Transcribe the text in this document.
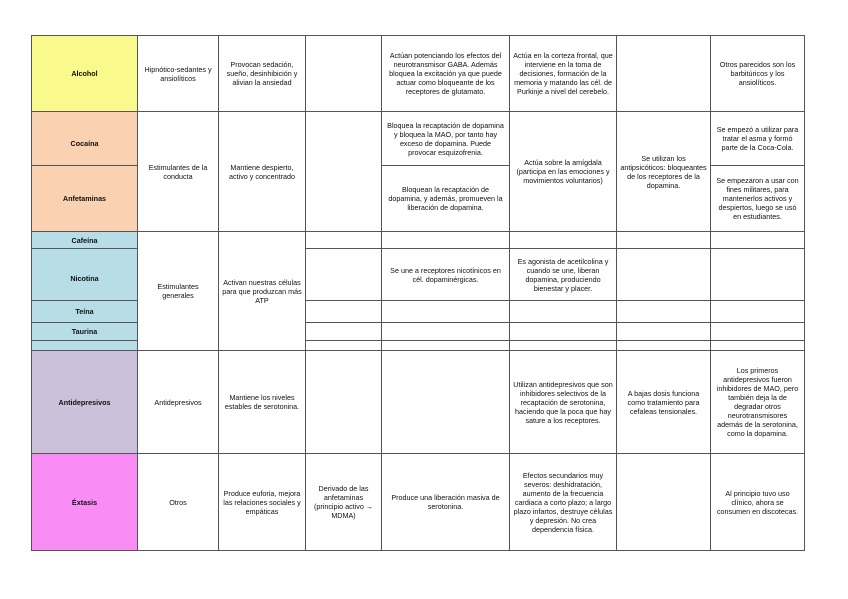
Alcohol	Hipnótico-sedantes y ansiolíticos	Provocan sedación, sueño, desinhibición y alivian la ansiedad		Actúan potenciando los efectos del neurotransmisor GABA. Además bloquea la excitación ya que puede actuar como bloqueante de los receptores de glutamato.	Actúa en la corteza frontal, que interviene en la toma de decisiones, formación de la memoria y matando las cél. de Purkinje a nivel del cerebelo.		Otros parecidos son los barbitúricos y los ansiolíticos.
Cocaína	Estimulantes de la conducta	Mantiene despierto, activo y concentrado		Bloquea la recaptación de dopamina y bloquea la MAO, por tanto hay exceso de dopamina. Puede provocar esquizofrenia.	Actúa sobre la amígdala (participa en las emociones y movimientos voluntarios)	Se utilizan los antipsicóticos: bloqueantes de los receptores de la dopamina.	Se empezó a utilizar para tratar el asma y formó parte de la Coca-Cola.
Anfetaminas				Bloquean la recaptación de dopamina, y además, promueven la liberación de dopamina.			Se empezaron a usar con fines militares, para mantenerlos activos y despiertos, luego se usó en estudiantes.
Cafeína	Estimulantes generales	Activan nuestras células para que produzcan más ATP					
Nicotina				Se une a receptores nicotínicos en cél. dopaminérgicas.	Es agonista de acetilcolina y cuando se une, liberan dopamina, produciendo bienestar y placer.		
Teína							
Taurina							

Antidepresivos	Antidepresivos	Mantiene los niveles estables de serotonina.			Utilizan antidepresivos que son inhibidores selectivos de la recaptación de serotonina, haciendo que la poca que hay sature a los receptores.	A bajas dosis funciona como tratamiento para cefaleas tensionales.	Los primeros antidepresivos fueron inhibidores de MAO, pero también deja la de degradar otros neurotransmisores además de la serotonina, como la dopamina.
Éxtasis	Otros	Produce euforia, mejora las relaciones sociales y empáticas	Derivado de las anfetaminas (principio activo → MDMA)	Produce una liberación masiva de serotonina.	Efectos secundarios muy severos: deshidratación, aumento de la frecuencia cardiaca a corto plazo; a largo plazo infartos, destruye células y depresión. No crea dependencia física.		Al principio tuvo uso clínico, ahora se consumen en discotecas.
